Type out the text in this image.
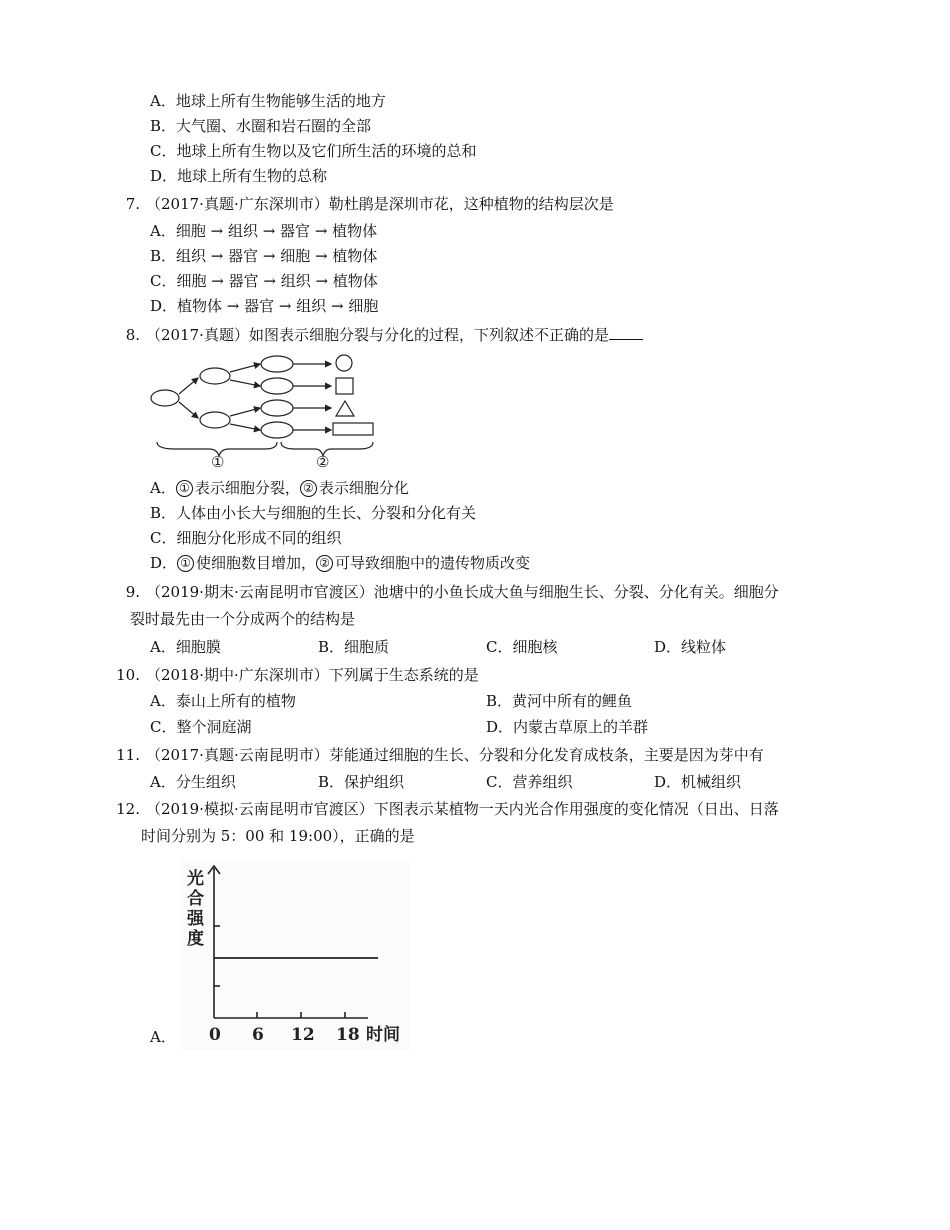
A．地球上所有生物能够生活的地方
B．大气圈、水圈和岩石圈的全部
C．地球上所有生物以及它们所生活的环境的总和
D．地球上所有生物的总称
7. （2017·真题·广东深圳市）勒杜鹃是深圳市花，这种植物的结构层次是
A．细胞 → 组织 → 器官 → 植物体
B．组织 → 器官 → 细胞 → 植物体
C．细胞 → 器官 → 组织 → 植物体
D．植物体 → 器官 → 组织 → 细胞
8. （2017·真题）如图表示细胞分裂与分化的过程，下列叙述不正确的是
①	②
A． ① 表示细胞分裂， ② 表示细胞分化
B．人体由小长大与细胞的生长、分裂和分化有关
C．细胞分化形成不同的组织
D． ① 使细胞数目增加， ② 可导致细胞中的遗传物质改变
9. （2019·期末·云南昆明市官渡区）池塘中的小鱼长成大鱼与细胞生长、分裂、分化有关。细胞分
裂时最先由一个分成两个的结构是
A．细胞膜	B．细胞质	C．细胞核	D．线粒体
10. （2018·期中·广东深圳市）下列属于生态系统的是
A．泰山上所有的植物	B．黄河中所有的鲤鱼
C．整个洞庭湖	D．内蒙古草原上的羊群
11. （2017·真题·云南昆明市）芽能通过细胞的生长、分裂和分化发育成枝条，主要是因为芽中有
A．分生组织	B．保护组织	C．营养组织	D．机械组织
12. （2019·模拟·云南昆明市官渡区）下图表示某植物一天内光合作用强度的变化情况（日出、日落
时间分别为 5：00 和 19:00），正确的是
A．
光
合
强
度
0 6 12 18 时间
